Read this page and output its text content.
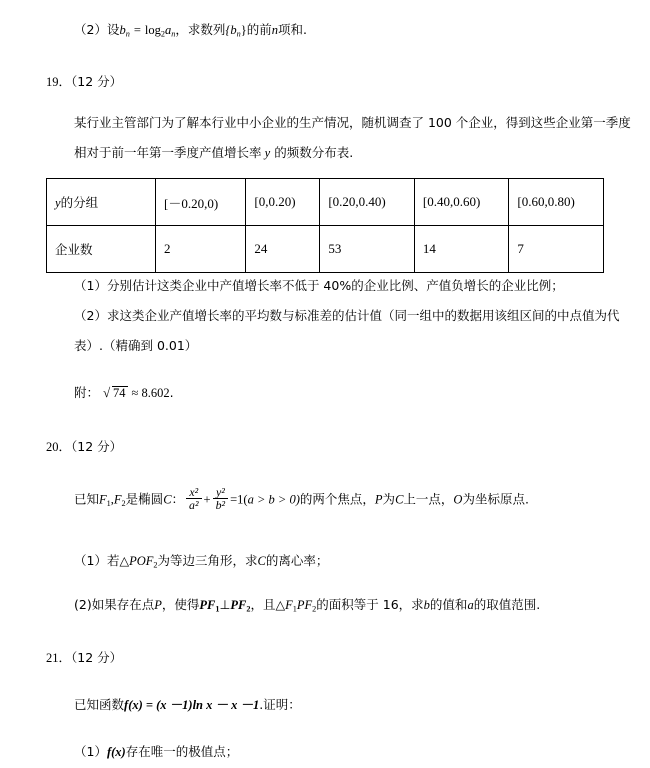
（2）设$b_n = \log_2a_n$，求数列$\{b_n\}$的前n项和.
19．（12 分）
某行业主管部门为了解本行业中小企业的生产情况，随机调查了 100 个企业，得到这些企业第一季度
相对于前一年第一季度产值增长率 y 的频数分布表.
y的分组	[－0.20,0)	[0,0.20)	[0.20,0.40)	[0.40,0.60)	[0.60,0.80)
企业数	2	24	53	14	7
（1）分别估计这类企业中产值增长率不低于 40%的企业比例、产值负增长的企业比例；
（2）求这类企业产值增长率的平均数与标准差的估计值（同一组中的数据用该组区间的中点值为代
表）.（精确到 0.01）
附： √ 74 ≈ 8.602.
20．（12 分）
已知$F_1,F_2$是椭圆C： $\frac{\text{x²}}{\text{a²}} + \frac{\text{y²}}{\text{b²}} =1(a > b > 0)$的两个焦点，P为C上一点，O为坐标原点.
（1）若$\triangle POF_2$为等边三角形，求C的离心率；
(2)如果存在点P，使得$PF_1\perp PF_2$，且$\triangle F_1PF_2$的面积等于 16，求b的值和a的取值范围.
21．（12 分）
已知函数f(x) = (x －1)ln x － x －1.证明：
（1）f(x)存在唯一的极值点；
